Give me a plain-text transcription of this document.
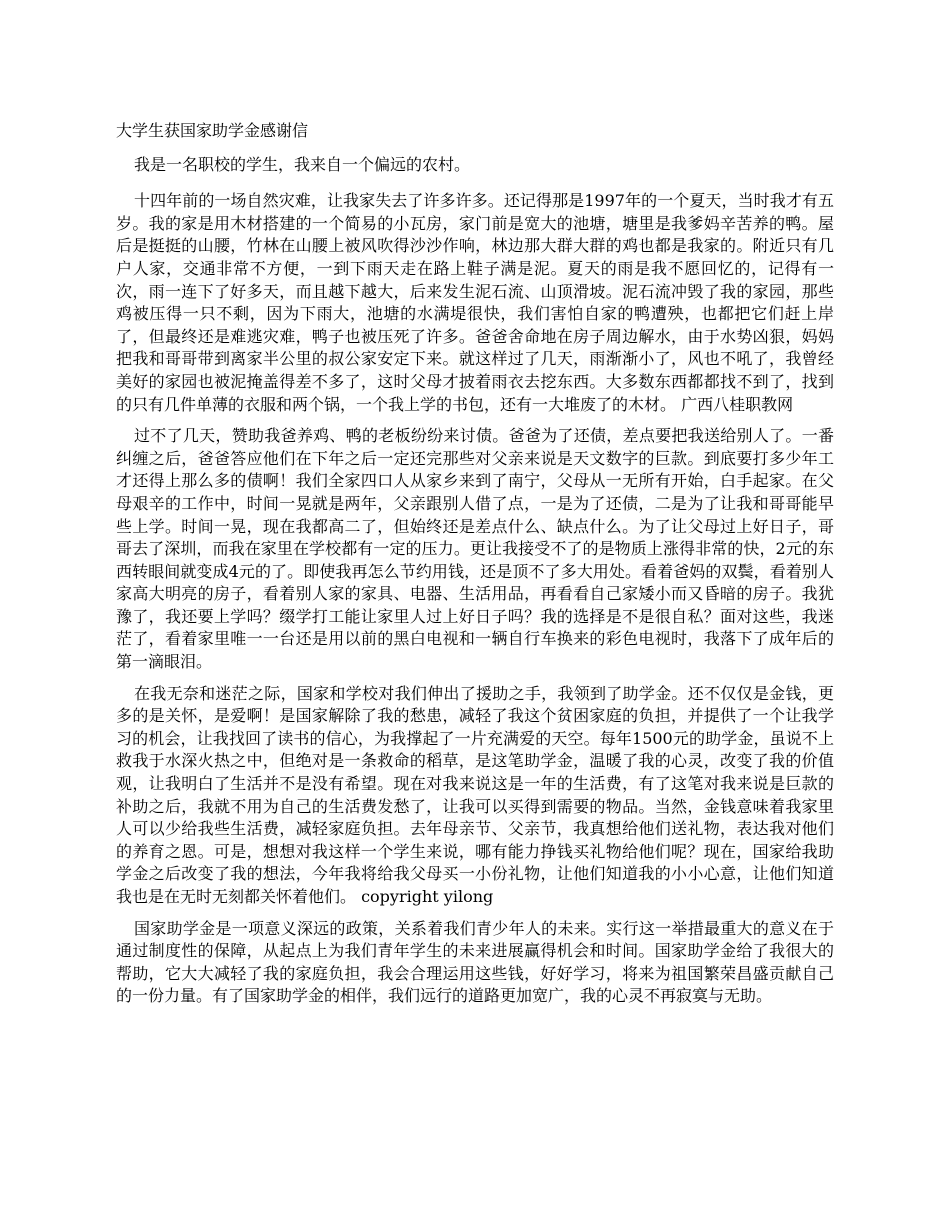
大学生获国家助学金感谢信

我是一名职校的学生，我来自一个偏远的农村。

十四年前的一场自然灾难，让我家失去了许多许多。还记得那是1997年的一个夏天，当时我才有五岁。我的家是用木材搭建的一个简易的小瓦房，家门前是宽大的池塘，塘里是我爹妈辛苦养的鸭。屋后是挺挺的山腰，竹林在山腰上被风吹得沙沙作响，林边那大群大群的鸡也都是我家的。附近只有几户人家，交通非常不方便，一到下雨天走在路上鞋子满是泥。夏天的雨是我不愿回忆的，记得有一次，雨一连下了好多天，而且越下越大，后来发生泥石流、山顶滑坡。泥石流冲毁了我的家园，那些鸡被压得一只不剩，因为下雨大，池塘的水满堤很快，我们害怕自家的鸭遭殃，也都把它们赶上岸了，但最终还是难逃灾难，鸭子也被压死了许多。爸爸舍命地在房子周边解水，由于水势凶狠，妈妈把我和哥哥带到离家半公里的叔公家安定下来。就这样过了几天，雨渐渐小了，风也不吼了，我曾经美好的家园也被泥掩盖得差不多了，这时父母才披着雨衣去挖东西。大多数东西都都找不到了，找到的只有几件单薄的衣服和两个锅，一个我上学的书包，还有一大堆废了的木材。 广西八桂职教网

过不了几天，赞助我爸养鸡、鸭的老板纷纷来讨债。爸爸为了还债，差点要把我送给别人了。一番纠缠之后，爸爸答应他们在下年之后一定还完那些对父亲来说是天文数字的巨款。到底要打多少年工才还得上那么多的债啊！我们全家四口人从家乡来到了南宁，父母从一无所有开始，白手起家。在父母艰辛的工作中，时间一晃就是两年，父亲跟别人借了点，一是为了还债，二是为了让我和哥哥能早些上学。时间一晃，现在我都高二了，但始终还是差点什么、缺点什么。为了让父母过上好日子，哥哥去了深圳，而我在家里在学校都有一定的压力。更让我接受不了的是物质上涨得非常的快，2元的东西转眼间就变成4元的了。即使我再怎么节约用钱，还是顶不了多大用处。看着爸妈的双鬓，看着别人家高大明亮的房子，看着别人家的家具、电器、生活用品，再看看自己家矮小而又昏暗的房子。我犹豫了，我还要上学吗？缀学打工能让家里人过上好日子吗？我的选择是不是很自私？面对这些，我迷茫了，看着家里唯一一台还是用以前的黑白电视和一辆自行车换来的彩色电视时，我落下了成年后的第一滴眼泪。

在我无奈和迷茫之际，国家和学校对我们伸出了援助之手，我领到了助学金。还不仅仅是金钱，更多的是关怀，是爱啊！是国家解除了我的愁患，减轻了我这个贫困家庭的负担，并提供了一个让我学习的机会，让我找回了读书的信心，为我撑起了一片充满爱的天空。每年1500元的助学金，虽说不上救我于水深火热之中，但绝对是一条救命的稻草，是这笔助学金，温暖了我的心灵，改变了我的价值观，让我明白了生活并不是没有希望。现在对我来说这是一年的生活费，有了这笔对我来说是巨款的补助之后，我就不用为自己的生活费发愁了，让我可以买得到需要的物品。当然，金钱意味着我家里人可以少给我些生活费，减轻家庭负担。去年母亲节、父亲节，我真想给他们送礼物，表达我对他们的养育之恩。可是，想想对我这样一个学生来说，哪有能力挣钱买礼物给他们呢？现在，国家给我助学金之后改变了我的想法，今年我将给我父母买一小份礼物，让他们知道我的小小心意，让他们知道我也是在无时无刻都关怀着他们。 copyright yilong

国家助学金是一项意义深远的政策，关系着我们青少年人的未来。实行这一举措最重大的意义在于通过制度性的保障，从起点上为我们青年学生的未来进展赢得机会和时间。国家助学金给了我很大的帮助，它大大减轻了我的家庭负担，我会合理运用这些钱，好好学习，将来为祖国繁荣昌盛贡献自己的一份力量。有了国家助学金的相伴，我们远行的道路更加宽广，我的心灵不再寂寞与无助。
